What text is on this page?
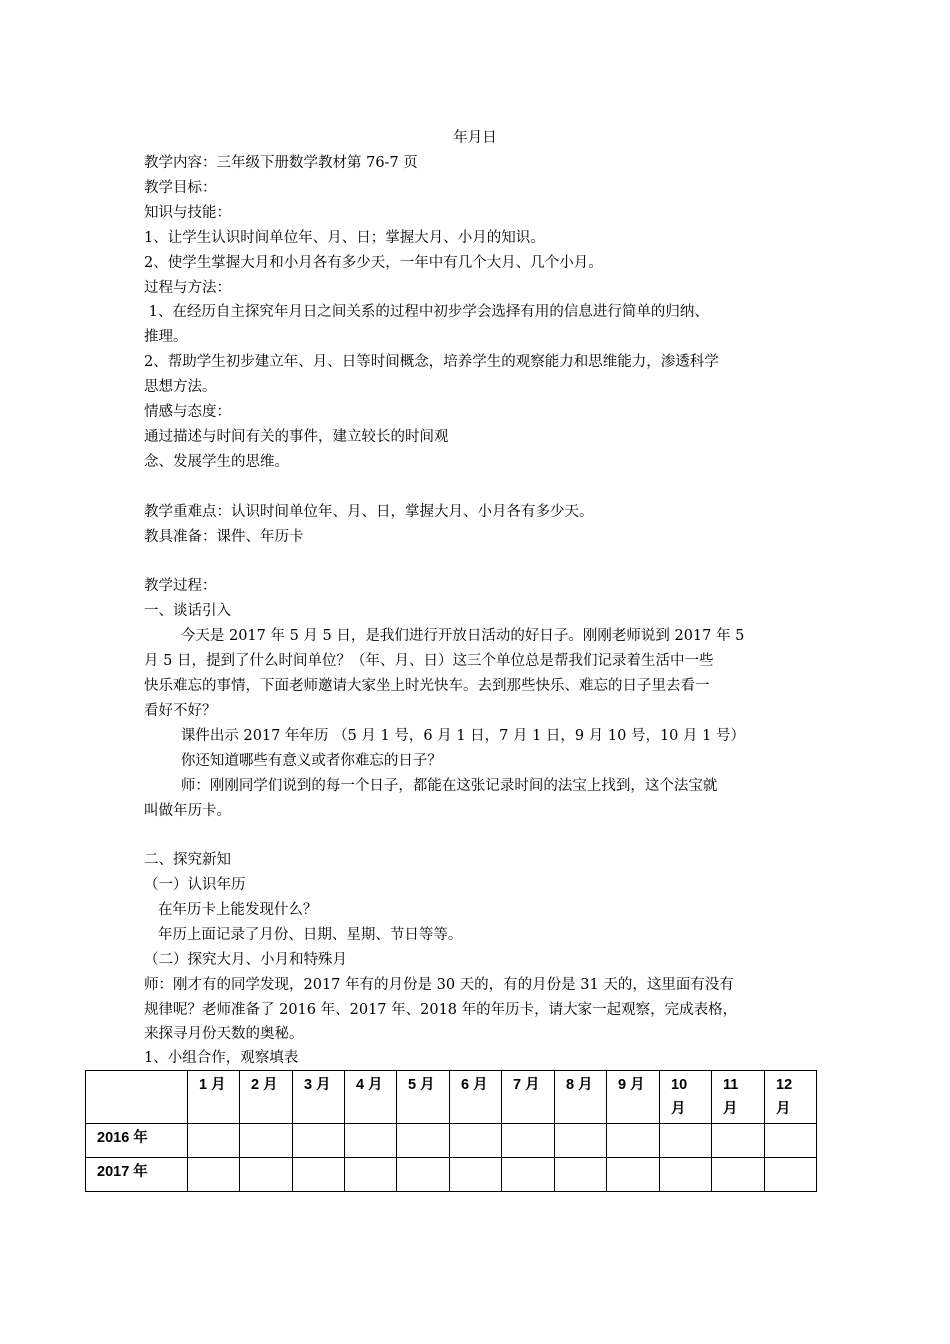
年月日
教学内容：三年级下册数学教材第 76-7 页
教学目标：
知识与技能：
1、让学生认识时间单位年、月、日；掌握大月、小月的知识。
2、使学生掌握大月和小月各有多少天，一年中有几个大月、几个小月。
过程与方法：
1、在经历自主探究年月日之间关系的过程中初步学会选择有用的信息进行简单的归纳、
推理。
2、帮助学生初步建立年、月、日等时间概念，培养学生的观察能力和思维能力，渗透科学
思想方法。
情感与态度：
通过描述与时间有关的事件，建立较长的时间观
念、发展学生的思维。
教学重难点：认识时间单位年、月、日，掌握大月、小月各有多少天。
教具准备：课件、年历卡
教学过程：
一、谈话引入
今天是 2017 年 5 月 5 日，是我们进行开放日活动的好日子。刚刚老师说到 2017 年 5
月 5 日，提到了什么时间单位？（年、月、日）这三个单位总是帮我们记录着生活中一些
快乐难忘的事情，下面老师邀请大家坐上时光快车。去到那些快乐、难忘的日子里去看一
看好不好？
课件出示 2017 年年历 （5 月 1 号，6 月 1 日，7 月 1 日，9 月 10 号，10 月 1 号）
你还知道哪些有意义或者你难忘的日子？
师：刚刚同学们说到的每一个日子，都能在这张记录时间的法宝上找到，这个法宝就
叫做年历卡。
二、探究新知
（一）认识年历
在年历卡上能发现什么？
年历上面记录了月份、日期、星期、节日等等。
（二）探究大月、小月和特殊月
师：刚才有的同学发现，2017 年有的月份是 30 天的，有的月份是 31 天的，这里面有没有
规律呢？老师准备了 2016 年、2017 年、2018 年的年历卡，请大家一起观察，完成表格，
来探寻月份天数的奥秘。
1、小组合作，观察填表
	1 月	2 月	3 月	4 月	5 月	6 月	7 月	8 月	9 月	10 月	11 月	12 月
2016 年												
2017 年												
